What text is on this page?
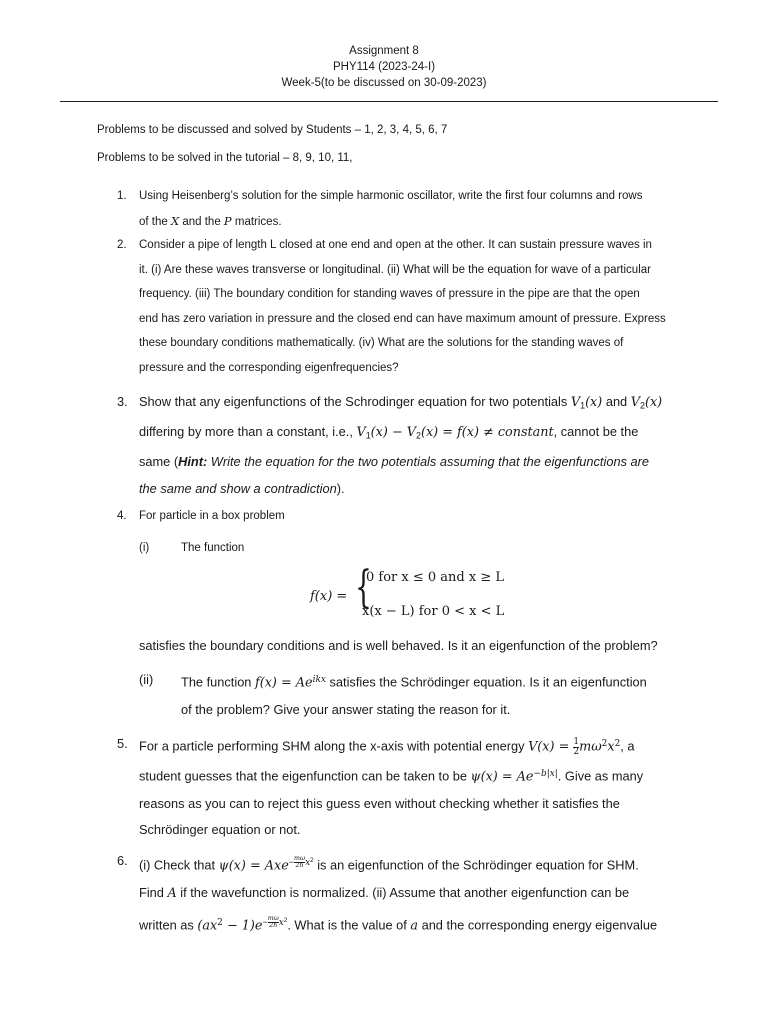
Assignment 8
PHY114 (2023-24-I)
Week-5(to be discussed on 30-09-2023)
Problems to be discussed and solved by Students – 1, 2, 3, 4, 5, 6, 7
Problems to be solved in the tutorial – 8, 9, 10, 11,
1.	Using Heisenberg’s solution for the simple harmonic oscillator, write the first four columns and rows
of the X and the P matrices.
2.	Consider a pipe of length L closed at one end and open at the other. It can sustain pressure waves in
it. (i) Are these waves transverse or longitudinal. (ii) What will be the equation for wave of a particular
frequency. (iii) The boundary condition for standing waves of pressure in the pipe are that the open
end has zero variation in pressure and the closed end can have maximum amount of pressure. Express
these boundary conditions mathematically. (iv) What are the solutions for the standing waves of
pressure and the corresponding eigenfrequencies?
3. Show that any eigenfunctions of the Schrodinger equation for two potentials $V_1(x)$ and $V_2(x)$
differing by more than a constant, i.e., $V_1(x) - V_2(x) = f(x)$ ≠ constant, cannot be the
same (Hint: Write the equation for the two potentials assuming that the eigenfunctions are
the same and show a contradiction).
4.	For particle in a box problem
(i)	The function
f(x) = {
0 for x ≤ 0 and x ≥ L
x(x − L) for 0 < x < L
satisfies the boundary conditions and is well behaved. Is it an eigenfunction of the problem?
(ii) The function $f(x) = Ae^{ikx}$ satisfies the Schrödinger equation. Is it an eigenfunction
of the problem? Give your answer stating the reason for it.
5. For a particle performing SHM along the x-axis with potential energy $V(x) = \frac{1}{2} m\omega^2x^2$, a
student guesses that the eigenfunction can be taken to be $\psi(x) = Ae^{-b|x|}$. Give as many
reasons as you can to reject this guess even without checking whether it satisfies the
Schrödinger equation or not.
6. (i) Check that ψ(x) = Axe$^{- \frac{m\omega}{2ħ} x^2}$ is an eigenfunction of the Schrödinger equation for SHM.
Find A if the wavefunction is normalized. (ii) Assume that another eigenfunction can be
written as $(ax^2 - 1)e^{- \frac{m\omega}{2ħ} x^2}$. What is the value of a and the corresponding energy eigenvalue
